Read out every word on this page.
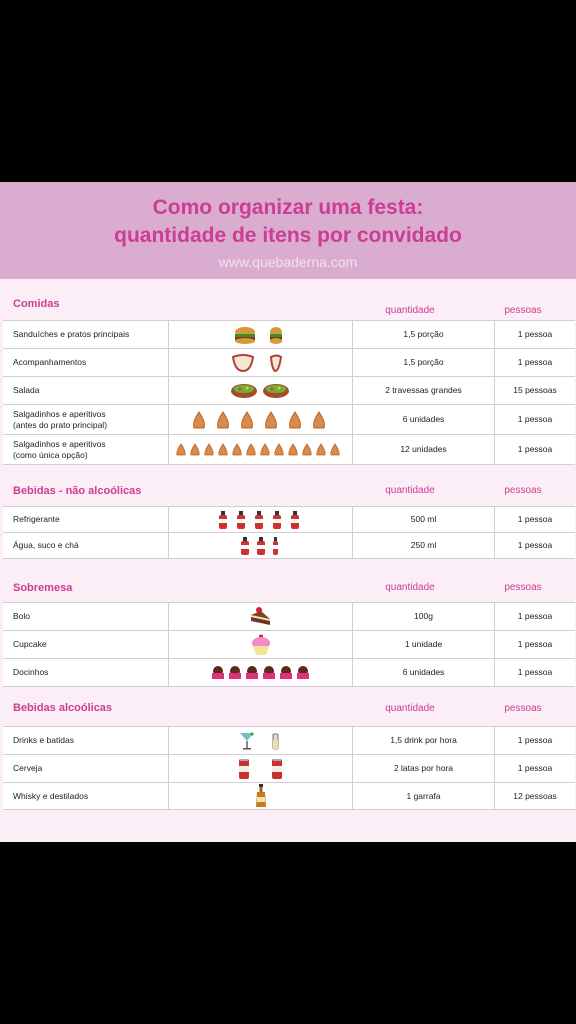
Como organizar uma festa:
quantidade de itens por convidado
www.quebaderna.com
Comidas
quantidade	pessoas
Sanduíches e pratos principais	1,5 porção	1 pessoa
Acompanhamentos	1,5 porção	1 pessoa
Salada	2 travessas grandes	15 pessoas
Salgadinhos e aperitivos
(antes do prato principal)
6 unidades	1 pessoa
Salgadinhos e aperitivos
(como única opção)
12 unidades	1 pessoa
Bebidas - não alcoólicas	quantidade	pessoas
Refrigerante	500 ml	1 pessoa
Água, suco e chá	250 ml	1 pessoa
Sobremesa	quantidade	pessoas
Bolo	100g	1 pessoa
Cupcake	1 unidade	1 pessoa
Docinhos	6 unidades	1 pessoa
Bebidas alcoólicas	quantidade	pessoas
Drinks e batidas	1,5 drink por hora	1 pessoa
Cerveja	2 latas por hora	1 pessoa
Whisky e destilados	1 garrafa	12 pessoas
